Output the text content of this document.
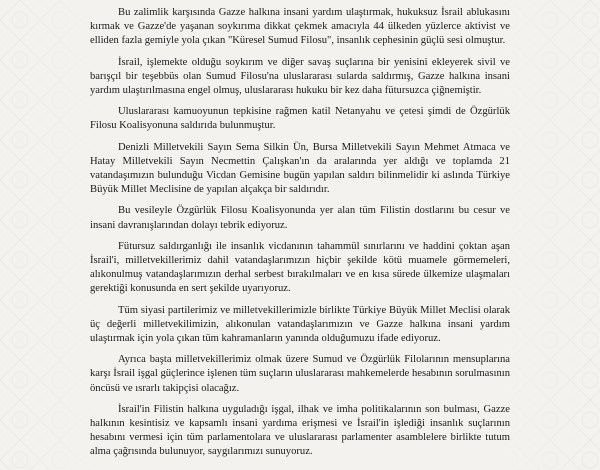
Bu zalimlik karşısında Gazze halkına insani yardım ulaştırmak, hukuksuz İsrail ablukasını kırmak ve Gazze'de yaşanan soykırıma dikkat çekmek amacıyla 44 ülkeden yüzlerce aktivist ve elliden fazla gemiyle yola çıkan "Küresel Sumud Filosu", insanlık cephesinin güçlü sesi olmuştur.

İsrail, işlemekte olduğu soykırım ve diğer savaş suçlarına bir yenisini ekleyerek sivil ve barışçıl bir teşebbüs olan Sumud Filosu'na uluslararası sularda saldırmış, Gazze halkına insani yardım ulaştırılmasına engel olmuş, uluslararası hukuku bir kez daha fütursuzca çiğnemiştir.

Uluslararası kamuoyunun tepkisine rağmen katil Netanyahu ve çetesi şimdi de Özgürlük Filosu Koalisyonuna saldırıda bulunmuştur.

Denizli Milletvekili Sayın Sema Silkin Ün, Bursa Milletvekili Sayın Mehmet Atmaca ve Hatay Milletvekili Sayın Necmettin Çalışkan'ın da aralarında yer aldığı ve toplamda 21 vatandaşımızın bulunduğu Vicdan Gemisine bugün yapılan saldırı bilinmelidir ki aslında Türkiye Büyük Millet Meclisine de yapılan alçakça bir saldırıdır.

Bu vesileyle Özgürlük Filosu Koalisyonunda yer alan tüm Filistin dostlarını bu cesur ve insani davranışlarından dolayı tebrik ediyoruz.

Fütursuz saldırganlığı ile insanlık vicdanının tahammül sınırlarını ve haddini çoktan aşan İsrail'i, milletvekillerimiz dahil vatandaşlarımızın hiçbir şekilde kötü muamele görmemeleri, alıkonulmuş vatandaşlarımızın derhal serbest bırakılmaları ve en kısa sürede ülkemize ulaşmaları gerektiği konusunda en sert şekilde uyarıyoruz.

Tüm siyasi partilerimiz ve milletvekillerimizle birlikte Türkiye Büyük Millet Meclisi olarak üç değerli milletvekilimizin, alıkonulan vatandaşlarımızın ve Gazze halkına insani yardım ulaştırmak için yola çıkan tüm kahramanların yanında olduğumuzu ifade ediyoruz.

Ayrıca başta milletvekillerimiz olmak üzere Sumud ve Özgürlük Filolarının mensuplarına karşı İsrail işgal güçlerince işlenen tüm suçların uluslararası mahkemelerde hesabının sorulmasının öncüsü ve ısrarlı takipçisi olacağız.

İsrail'in Filistin halkına uyguladığı işgal, ilhak ve imha politikalarının son bulması, Gazze halkının kesintisiz ve kapsamlı insani yardıma erişmesi ve İsrail'in işlediği insanlık suçlarının hesabını vermesi için tüm parlamentolara ve uluslararası parlamenter asamblelere birlikte tutum alma çağrısında bulunuyor, saygılarımızı sunuyoruz.
